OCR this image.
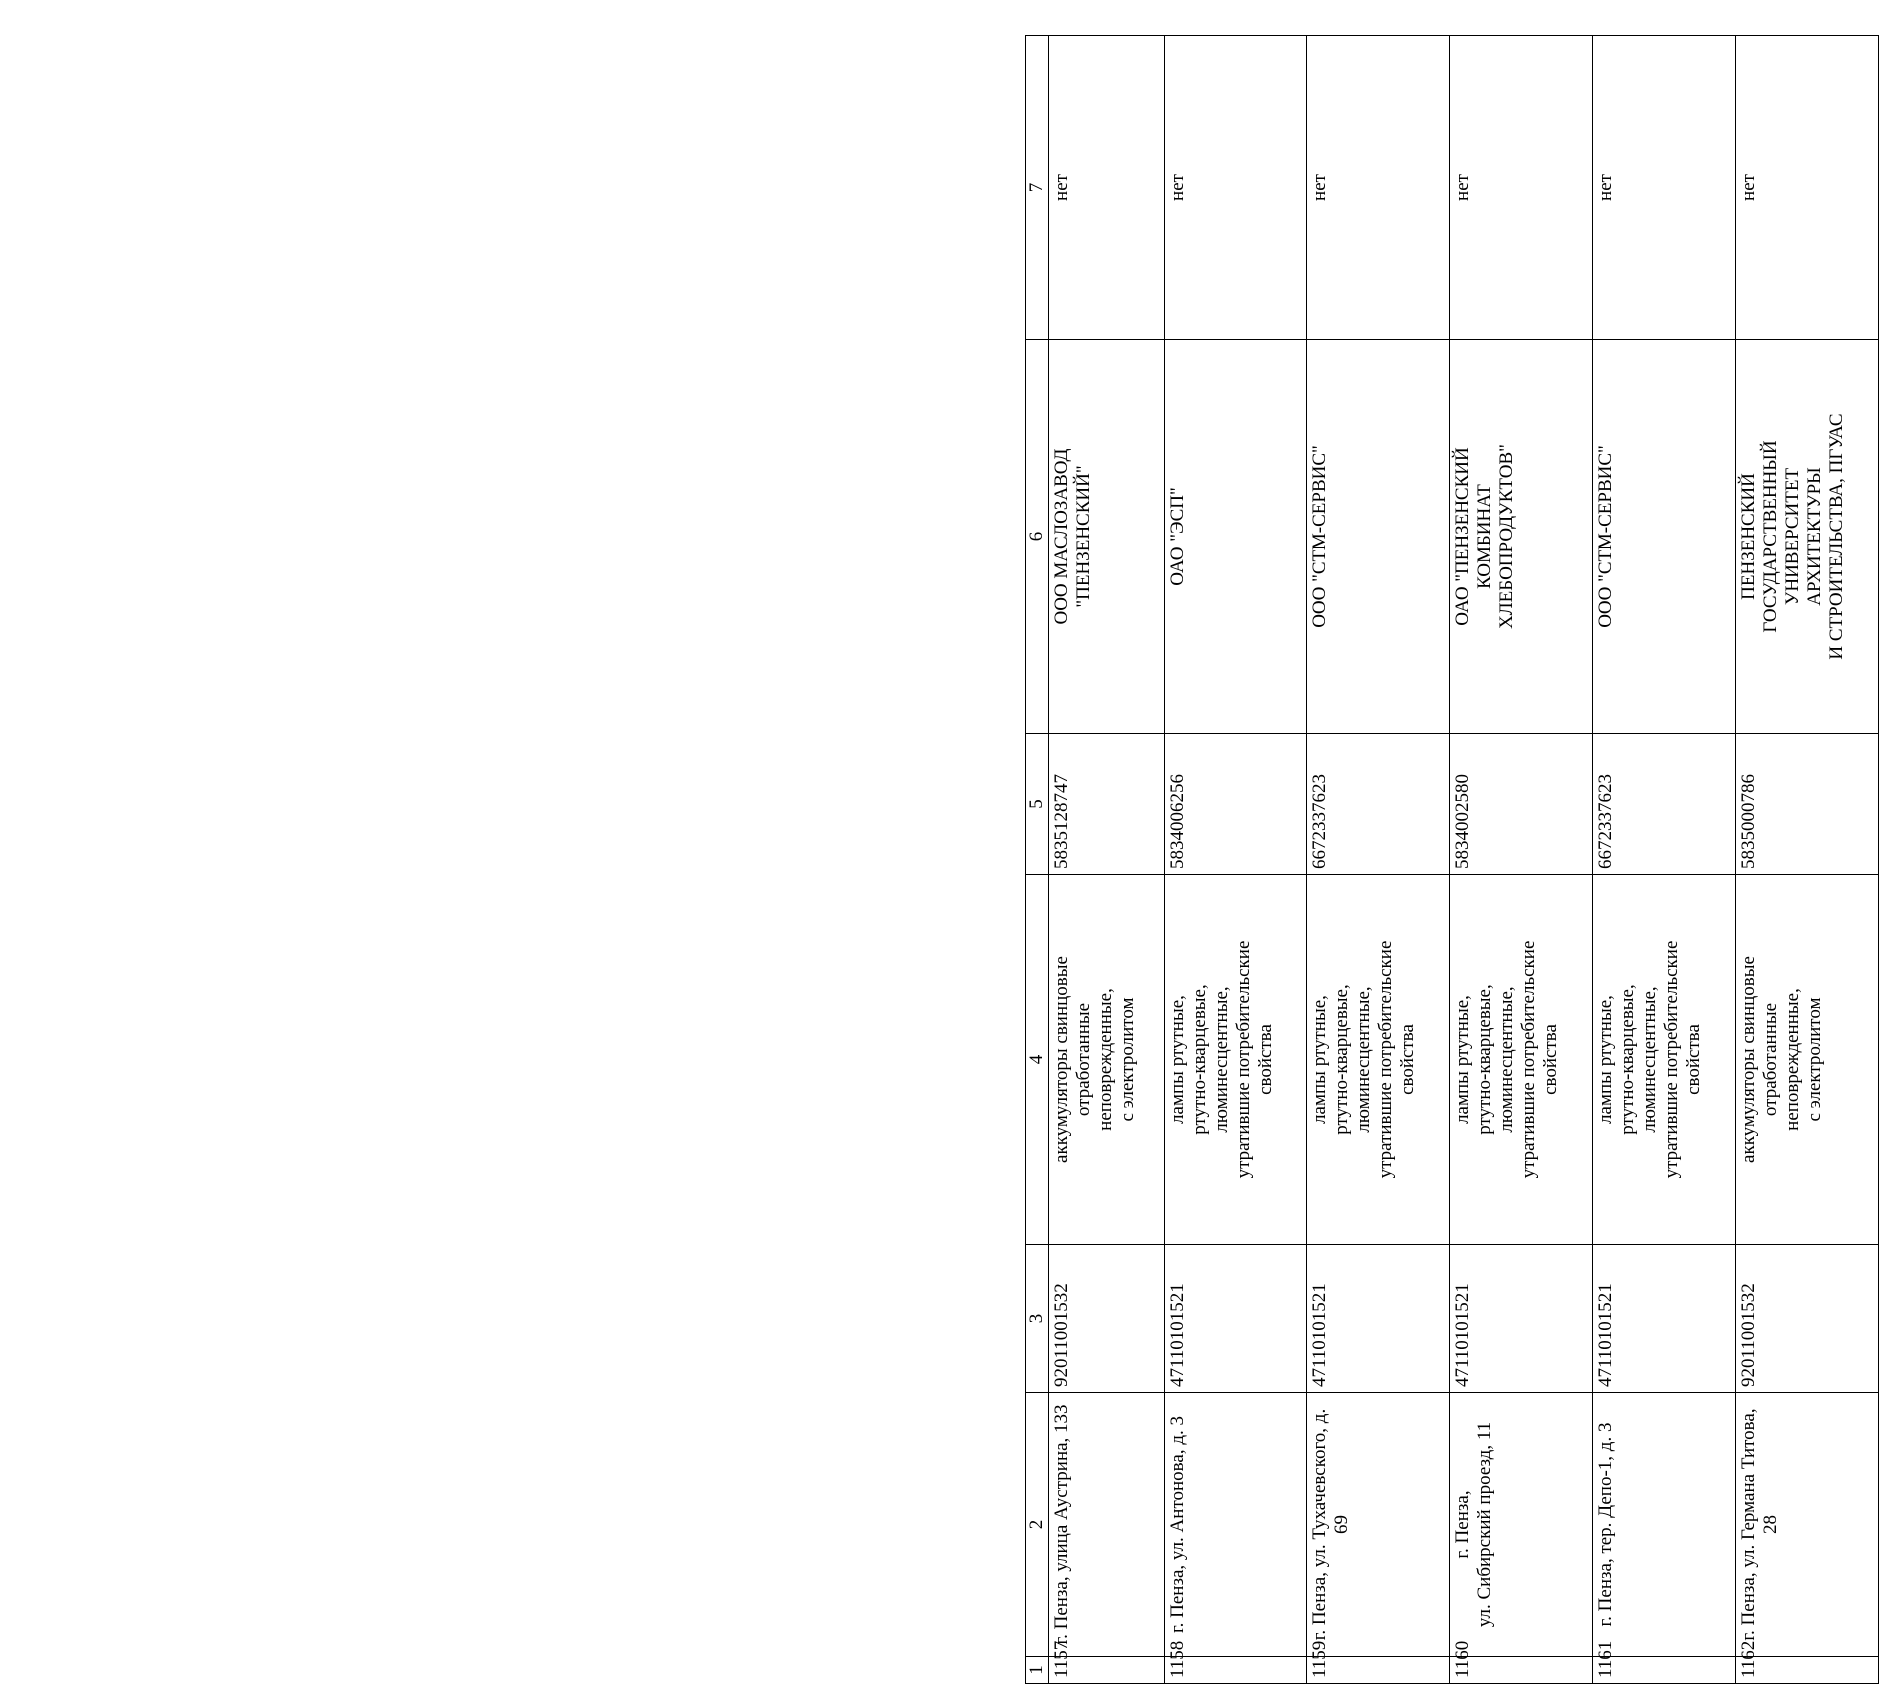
1	2	3	4	5	6	7
1157	г. Пенза, улица Аустрина, 133	92011001532	аккумуляторы свинцовые
отработанные
неповрежденные,
с электролитом	5835128747	ООО МАСЛОЗАВОД
"ПЕНЗЕНСКИЙ"	нет
1158	г. Пенза, ул. Антонова, д. 3	47110101521	лампы ртутные,
ртутно-кварцевые,
люминесцентные,
утратившие потребительские
свойства	5834006256	ОАО "ЭСП"	нет
1159	г. Пенза, ул. Тухачевского, д. 69	47110101521	лампы ртутные,
ртутно-кварцевые,
люминесцентные,
утратившие потребительские
свойства	6672337623	ООО "СТМ-СЕРВИС"	нет
1160	г. Пенза,
ул. Сибирский проезд, 11	47110101521	лампы ртутные,
ртутно-кварцевые,
люминесцентные,
утратившие потребительские
свойства	5834002580	ОАО "ПЕНЗЕНСКИЙ
КОМБИНАТ
ХЛЕБОПРОДУКТОВ"	нет
1161	г. Пенза, тер. Депо-1, д. 3	47110101521	лампы ртутные,
ртутно-кварцевые,
люминесцентные,
утратившие потребительские
свойства	6672337623	ООО "СТМ-СЕРВИС"	нет
1162	г. Пенза, ул. Германа Титова, 28	92011001532	аккумуляторы свинцовые
отработанные
неповрежденные,
с электролитом	5835000786	ПЕНЗЕНСКИЙ
ГОСУДАРСТВЕННЫЙ
УНИВЕРСИТЕТ
АРХИТЕКТУРЫ
И СТРОИТЕЛЬСТВА, ПГУАС	нет
